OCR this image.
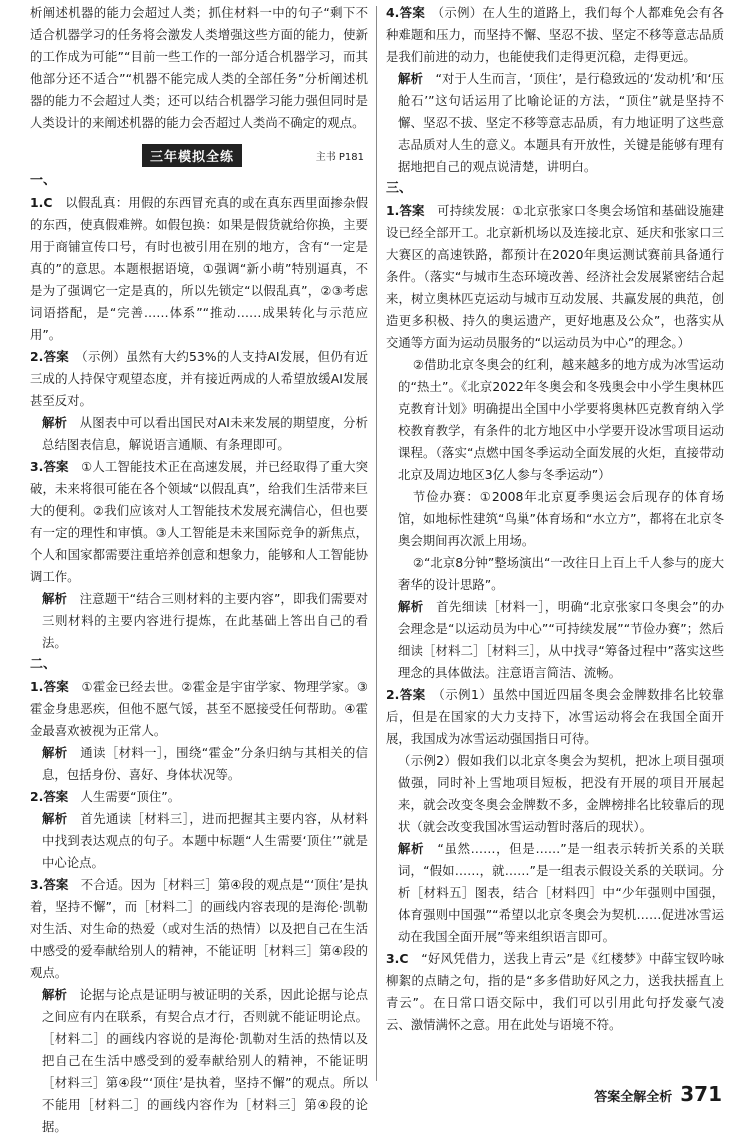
析阐述机器的能力会超过人类；抓住材料一中的句子“剩下不适合机器学习的任务将会激发人类增强这些方面的能力，使新的工作成为可能”“目前一些工作的一部分适合机器学习，而其他部分还不适合”“机器不能完成人类的全部任务”分析阐述机器的能力不会超过人类；还可以结合机器学习能力强但同时是人类设计的来阐述机器的能力会否超过人类尚不确定的观点。

三年模拟全练	主书 P181

一、

1.C　 以假乱真：用假的东西冒充真的或在真东西里面掺杂假的东西，使真假难辨。如假包换：如果是假货就给你换，主要用于商铺宣传口号，有时也被引用在别的地方，含有“一定是真的”的意思。本题根据语境，①强调“新小萌”特别逼真，不是为了强调它一定是真的，所以先锁定“以假乱真”，②③考虑词语搭配，是“完善……体系”“推动……成果转化与示范应用”。

2.答案　 （示例）虽然有大约53%的人支持AI发展，但仍有近三成的人持保守观望态度，并有接近两成的人希望放缓AI发展甚至反对。

解析　 从图表中可以看出国民对AI未来发展的期望度，分析总结图表信息，解说语言通顺、有条理即可。

3.答案　 ①人工智能技术正在高速发展，并已经取得了重大突破，未来将很可能在各个领域“以假乱真”，给我们生活带来巨大的便利。②我们应该对人工智能技术发展充满信心，但也要有一定的理性和审慎。③人工智能是未来国际竞争的新焦点，个人和国家都需要注重培养创意和想象力，能够和人工智能协调工作。

解析　 注意题干“结合三则材料的主要内容”，即我们需要对三则材料的主要内容进行提炼，在此基础上答出自己的看法。

二、

1.答案　 ①霍金已经去世。②霍金是宇宙学家、物理学家。③霍金身患恶疾，但他不愿气馁，甚至不愿接受任何帮助。④霍金最喜欢被视为正常人。

解析　 通读［材料一］，围绕“霍金”分条归纳与其相关的信息，包括身份、喜好、身体状况等。

2.答案　 人生需要“顶住”。

解析　 首先通读［材料三］，进而把握其主要内容，从材料中找到表达观点的句子。本题中标题“人生需要‘顶住’”就是中心论点。

3.答案　 不合适。因为［材料三］第④段的观点是“‘顶住’是执着，坚持不懈”，而［材料二］的画线内容表现的是海伦·凯勒对生活、对生命的热爱（或对生活的热情）以及把自己在生活中感受的爱奉献给别人的精神，不能证明［材料三］第④段的观点。

解析　 论据与论点是证明与被证明的关系，因此论据与论点之间应有内在联系，有契合点才行，否则就不能证明论点。［材料二］的画线内容说的是海伦·凯勒对生活的热情以及把自己在生活中感受到的爱奉献给别人的精神，不能证明［材料三］第④段“‘顶住’是执着，坚持不懈”的观点。所以不能用［材料二］的画线内容作为［材料三］第④段的论据。

4.答案　 （示例）在人生的道路上，我们每个人都难免会有各种难题和压力，而坚持不懈、坚忍不拔、坚定不移等意志品质是我们前进的动力，也能使我们走得更沉稳，走得更远。

解析　 “对于人生而言，‘顶住’，是行稳致远的‘发动机’和‘压舱石’”这句话运用了比喻论证的方法，“顶住”就是坚持不懈、坚忍不拔、坚定不移等意志品质，有力地证明了这些意志品质对人生的意义。本题具有开放性，关键是能够有理有据地把自己的观点说清楚，讲明白。

三、

1.答案　 可持续发展：①北京张家口冬奥会场馆和基础设施建设已经全部开工。北京新机场以及连接北京、延庆和张家口三大赛区的高速铁路，都预计在2020年奥运测试赛前具备通行条件。（落实“与城市生态环境改善、经济社会发展紧密结合起来，树立奥林匹克运动与城市互动发展、共赢发展的典范，创造更多积极、持久的奥运遗产，更好地惠及公众”，也落实从交通等方面为运动员服务的“以运动员为中心”的理念。）

②借助北京冬奥会的红利，越来越多的地方成为冰雪运动的“热土”。《北京2022年冬奥会和冬残奥会中小学生奥林匹克教育计划》明确提出全国中小学要将奥林匹克教育纳入学校教育教学，有条件的北方地区中小学要开设冰雪项目运动课程。（落实“点燃中国冬季运动全面发展的火炬，直接带动北京及周边地区3亿人参与冬季运动”）

节俭办赛：①2008年北京夏季奥运会后现存的体育场馆，如地标性建筑“鸟巢”体育场和“水立方”，都将在北京冬奥会期间再次派上用场。

②“北京8分钟”整场演出“一改往日上百上千人参与的庞大奢华的设计思路”。

解析　 首先细读［材料一］，明确“北京张家口冬奥会”的办会理念是“以运动员为中心”“可持续发展”“节俭办赛”；然后细读［材料二］［材料三］，从中找寻“筹备过程中”落实这些理念的具体做法。注意语言简洁、流畅。

2.答案　 （示例1）虽然中国近四届冬奥会金牌数排名比较靠后，但是在国家的大力支持下，冰雪运动将会在我国全面开展，我国成为冰雪运动强国指日可待。

（示例2）假如我们以北京冬奥会为契机，把冰上项目强项做强，同时补上雪地项目短板，把没有开展的项目开展起来，就会改变冬奥会金牌数不多，金牌榜排名比较靠后的现状（就会改变我国冰雪运动暂时落后的现状）。

解析　 “虽然……，但是……”是一组表示转折关系的关联词，“假如……，就……”是一组表示假设关系的关联词。分析［材料五］图表，结合［材料四］中“少年强则中国强，体育强则中国强”“希望以北京冬奥会为契机……促进冰雪运动在我国全面开展”等来组织语言即可。

3.C　 “好风凭借力，送我上青云”是《红楼梦》中薛宝钗吟咏柳絮的点睛之句，指的是“多多借助好风之力，送我扶摇直上青云”。在日常口语交际中，我们可以引用此句抒发豪气凌云、激情满怀之意。用在此处与语境不符。

答案全解全析 371
